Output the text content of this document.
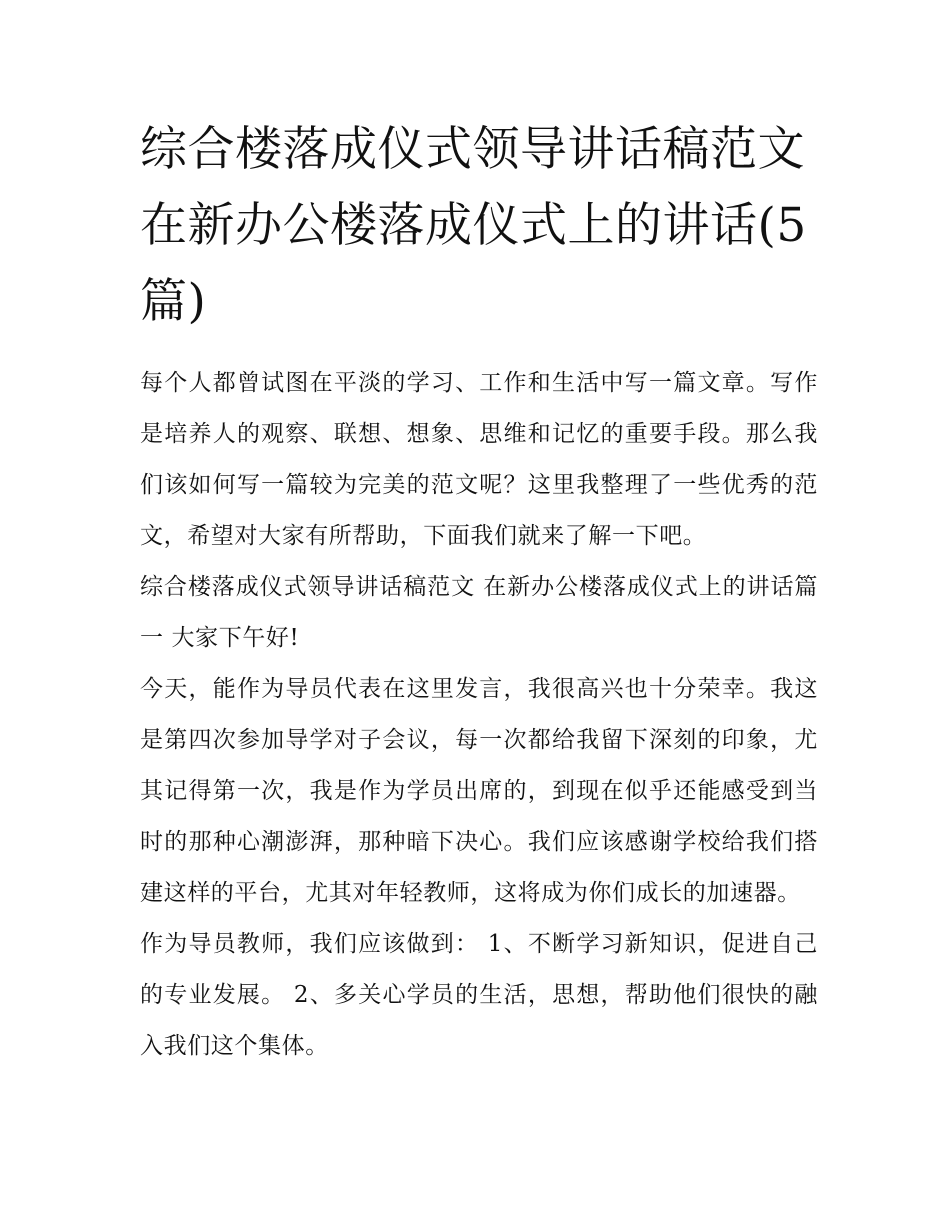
综合楼落成仪式领导讲话稿范文 在新办公楼落成仪式上的讲话(5篇)

每个人都曾试图在平淡的学习、工作和生活中写一篇文章。写作是培养人的观察、联想、想象、思维和记忆的重要手段。那么我们该如何写一篇较为完美的范文呢？这里我整理了一些优秀的范文，希望对大家有所帮助，下面我们就来了解一下吧。

综合楼落成仪式领导讲话稿范文 在新办公楼落成仪式上的讲话篇一 大家下午好!

今天，能作为导员代表在这里发言，我很高兴也十分荣幸。我这是第四次参加导学对子会议，每一次都给我留下深刻的印象，尤其记得第一次，我是作为学员出席的，到现在似乎还能感受到当时的那种心潮澎湃，那种暗下决心。我们应该感谢学校给我们搭建这样的平台，尤其对年轻教师，这将成为你们成长的加速器。

作为导员教师，我们应该做到： 1、不断学习新知识，促进自己的专业发展。 2、多关心学员的生活，思想，帮助他们很快的融入我们这个集体。
